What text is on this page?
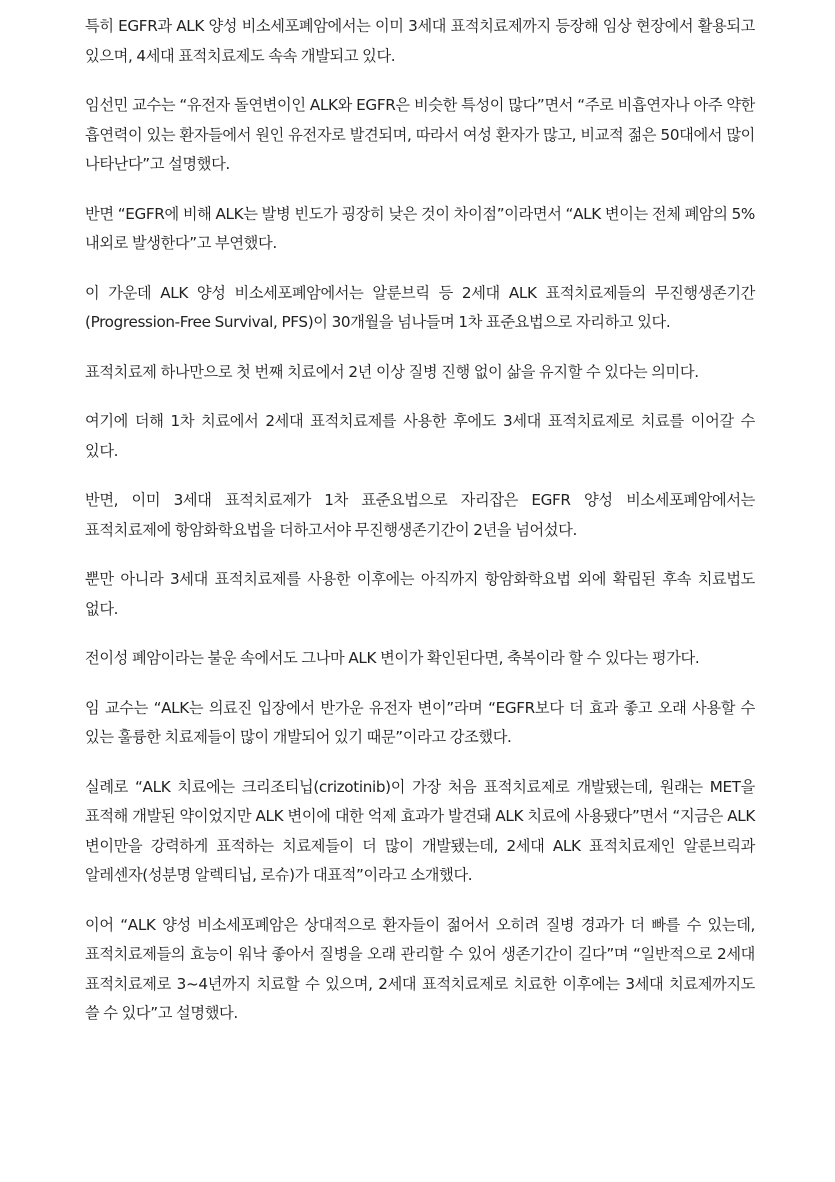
특히 EGFR과 ALK 양성 비소세포폐암에서는 이미 3세대 표적치료제까지 등장해 임상 현장에서 활용되고 있으며, 4세대 표적치료제도 속속 개발되고 있다.

임선민 교수는 “유전자 돌연변이인 ALK와 EGFR은 비슷한 특성이 많다”면서 “주로 비흡연자나 아주 약한 흡연력이 있는 환자들에서 원인 유전자로 발견되며, 따라서 여성 환자가 많고, 비교적 젊은 50대에서 많이 나타난다”고 설명했다.

반면 “EGFR에 비해 ALK는 발병 빈도가 굉장히 낮은 것이 차이점”이라면서 “ALK 변이는 전체 폐암의 5% 내외로 발생한다”고 부연했다.

이 가운데 ALK 양성 비소세포폐암에서는 알룬브릭 등 2세대 ALK 표적치료제들의 무진행생존기간(Progression-Free Survival, PFS)이 30개월을 넘나들며 1차 표준요법으로 자리하고 있다.

표적치료제 하나만으로 첫 번째 치료에서 2년 이상 질병 진행 없이 삶을 유지할 수 있다는 의미다.

여기에 더해 1차 치료에서 2세대 표적치료제를 사용한 후에도 3세대 표적치료제로 치료를 이어갈 수 있다.

반면, 이미 3세대 표적치료제가 1차 표준요법으로 자리잡은 EGFR 양성 비소세포폐암에서는 표적치료제에 항암화학요법을 더하고서야 무진행생존기간이 2년을 넘어섰다.

뿐만 아니라 3세대 표적치료제를 사용한 이후에는 아직까지 항암화학요법 외에 확립된 후속 치료법도 없다.

전이성 폐암이라는 불운 속에서도 그나마 ALK 변이가 확인된다면, 축복이라 할 수 있다는 평가다.

임 교수는 “ALK는 의료진 입장에서 반가운 유전자 변이”라며 “EGFR보다 더 효과 좋고 오래 사용할 수 있는 훌륭한 치료제들이 많이 개발되어 있기 때문”이라고 강조했다.

실례로 “ALK 치료에는 크리조티닙(crizotinib)이 가장 처음 표적치료제로 개발됐는데, 원래는 MET을 표적해 개발된 약이었지만 ALK 변이에 대한 억제 효과가 발견돼 ALK 치료에 사용됐다”면서 “지금은 ALK 변이만을 강력하게 표적하는 치료제들이 더 많이 개발됐는데, 2세대 ALK 표적치료제인 알룬브릭과 알레센자(성분명 알렉티닙, 로슈)가 대표적”이라고 소개했다.

이어 “ALK 양성 비소세포폐암은 상대적으로 환자들이 젊어서 오히려 질병 경과가 더 빠를 수 있는데, 표적치료제들의 효능이 워낙 좋아서 질병을 오래 관리할 수 있어 생존기간이 길다”며 “일반적으로 2세대 표적치료제로 3~4년까지 치료할 수 있으며, 2세대 표적치료제로 치료한 이후에는 3세대 치료제까지도 쓸 수 있다”고 설명했다.
